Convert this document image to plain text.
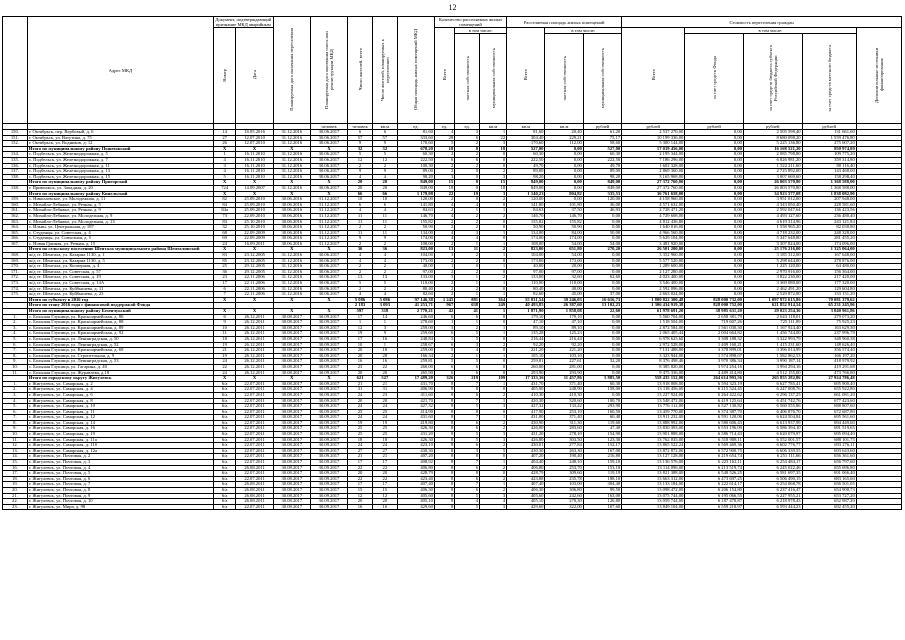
12
	Адрес МКД	Документ, подтверждающий признание МКД аварийным		Планируемая дата окончания переселения	Планируемая дата окончания сноса или реконструкции МКД	Число жителей, всего	Число жителей, планируемых к переселению	Общая площадь жилых помещений МКД	Количество расселяемых жилых помещений			Расселяемая площадь жилых помещений			Стоимость переселения граждан				
		Номер	Дата						Всего	в том числе:		Всего	в том числе:		Всего	в том числе:			Дополнительные источники финансирования
										частная собственность	муниципальная собственность		частная собственность	муниципальная собственность		за счет средств Фонда	за счет средств бюджета субъекта Российской Федерации	за счет средств местного бюджета	
					человек	человек	кв.м	ед.	ед.	ед.	кв.м	кв.м	кв.м	рублей	рублей	рублей	рублей	рублей	
150.	г. Октябрьск, пер. Вербовый, д. 6	14	18.05.2016	31.12.2016	30.06.2017	6	6	81,60	4	3	1	81,60	20,40	61,20	2 537 270,00	0,00	2 505 598,40	131 661,60	
151.	г. Октябрьск, ул. Ватутина, д. 75	27	12.07.2010	31.12.2016	30.06.2017	57	57	333,60	28	6	22	304,40	229,21	75,17	10 199 336,00	0,00	8 680 098,20	1 559 476,80	
152.	г. Октябрьск, ул. Водников, д. 12	26	12.07.2010	31.12.2016	30.06.2017	9	9	170,60	5	2	3	170,60	112,00	58,60	5 300 144,00	0,00	5 225 136,80	275 007,20	
	Итого по муниципальному району Пошехонский	X	X	X	X	32	32	678,20	18	0	18	527,00	0,00	527,00	17 019 456,00	0,00	16 168 521,20	850 974,80	
134.	с. Подбельск, ул. Железнодорожная, д. 5	1	16.11.2010	31.12.2016	30.06.2017	5	5	60,30	2	2	0	60,30	0,00	60,30	2 195 344,00	0,00	2 085 798,80	109 775,20	
135.	с. Подбельск, ул. Железнодорожная, д. 7	4	16.11.2010	31.12.2016	30.06.2017	12	12	222,50	6	6	0	222,50	0,00	222,50	7 186 296,00	0,00	6 826 981,20	359 314,80	
136.	с. Подбельск, ул. Железнодорожная, д. 11	3	16.11.2010	31.12.2016	30.06.2017	2	2	100,30	2	2	0	49,70	0,00	49,70	1 602 328,00	0,00	1 522 211,60	80 116,40	
137.	с. Подбельск, ул. Железнодорожная, д. 13	4	16.11.2010	31.12.2016	30.06.2017	9	9	89,00	2	0	2	89,00	0,00	89,00	2 869 360,00	0,00	2 725 892,00	143 468,00	
138.	с. Подбельск, ул. Железнодорожная, д. 15	5	16.11.2010	31.12.2016	30.06.2017	4	4	98,20	3	0	3	98,20	0,00	98,20	3 165 968,00	0,00	3 007 669,60	158 298,40	
	Итого по муниципальному району Пригорский	X	X	X	X	20	20	849,00	15	0	15	849,00	0,00	849,00	27 372 760,00	0,00	26 003 570,80	1 368 588,00	
138.	г. Приволжск, ул. Западная, д. 20	724	14.09.2007	31.12.2016	30.06.2017	20	20	849,00	18	0	18	849,00	0,00	849,00	27 372 760,00	0,00	26 003 570,80	1 368 588,00	
	Итого по муниципальному району Кинельский	X	X	X	X	66	66	1 179,08	22	19	3	1 140,23	804,82	335,53	36 761 658,00	0,00	34 923 577,08	1 838 082,90	
159.	с. Николаевское, ул. Молодежная, д. 11	82	25.09.2010	30.06.2016	31.12.2017	10	10	120,00	2	0	2	120,00	0,00	120,00	4 158 960,00	0,00	3 951 012,00	207 948,00	
160.	с. Михайло-Лебяжье, ул. Речная, д. 5	84	25.09.2010	30.06.2016	31.12.2017	6	6	141,80	4	4	0	141,80	101,80	36,00	4 571 632,00	0,00	4 343 050,40	228 581,60	
161.	с. Михайло-Лебяжье, ул. Речная, д. 9	84а	25.09.2010	30.06.2016	31.12.2017	4	4	84,63	2	1	1	84,63	37,50	46,93	2 728 471,20	0,00	2 592 047,64	136 423,56	
162.	с. Михайло-Лебяжье, ул. Молодежная, д. 9	73	22.09.2010	30.06.2016	31.12.2017	11	11	146,70	4	2	2	146,70	146,70	0,00	4 729 608,00	0,00	4 493 127,60	236 480,40	
163.	с. Михайло-Лебяжье, ул. Молодежная, д. 13	83	25.10.2010	30.06.2016	31.12.2017	11	11	155,82	2	2	0	155,82	155,82	0,00	4 812 436,80	0,00	4 619 314,96	243 121,84	
164.	с. Ильин, ул. Центральная, д. 187	32	25.10.2010	30.06.2016	31.12.2017	2	2	50,90	2	2	0	50,90	50,90	0,00	1 640 016,00	0,00	1 558 965,20	82 030,80	
165.	с. Студенцы, ул. Советская, д. 4	68	22.09.2009	30.06.2016	31.12.2017	11	11	134,00	4	3	1	134,00	84,00	50,00	4 966 560,00	0,00	4 718 232,00	248 328,00	
166.	с. Студенцы, ул. Совхозная, д. 5	69	22.09.2009	30.06.2016	31.12.2017	9	9	174,00	4	4	0	174,00	174,00	0,00	5 629 104,00	0,00	5 347 648,80	281 455,20	
167.	с. Новая Грязная, ул. Речная, д. 15	24	16.09.2011	30.06.2016	31.12.2017	2	2	108,00	2	1	1	108,00	54,00	54,00	3 481 920,00	0,00	3 307 824,00	174 096,00	
	Итого по сельскому поселению Шентала муниципального района Шенталинский	X	X	X	X	36	36	823,00	13	11	2	823,00	651,80	270,20	26 501 200,00	0,00	25 176 216,00	1 325 064,00	
168.	ж/д ст. Шентала, ул. Казарма 1130, д. 1	83	23.12.2005	31.12.2016	30.06.2017	4	4	104,00	3	2	1	104,00	54,00	0,00	3 352 960,00	0,00	3 185 312,00	167 648,00	
169.	ж/д ст. Шентала, ул. Казарма 1130, д. 5	85	23.12.2005	31.12.2016	30.06.2017	4	4	173,00	2	2	0	173,00	173,00	0,00	5 577 520,00	0,00	5 298 644,00	278 876,00	
170.	ж/д ст. Шентала, ул. Кооперная, д. 4	25	29.12.2005	31.12.2016	30.06.2017	2	2	40,00	1	0	1	40,00	20,00	0,00	1 289 600,00	0,00	1 225 120,00	64 480,00	
171.	ж/д ст. Шентала, ул. Советская, д. 57	36	29.12.2005	31.12.2016	30.06.2017	2	2	97,00	2	2	0	97,00	97,00	0,00	2 127 280,00	0,00	2 970 916,00	156 364,00	
172.	ж/д ст. Шентала, ул. Советская, д. 19	23	22.11.2006	31.12.2016	30.06.2017	13	13	133,00	3	1	2	133,00	32,60	62,60	4 023 400,00	0,00	3 822 230,00	217 420,00	
173.	ж/д ст. Шентала, ул. Советская, д. 14А	17	22.11.2006	31.12.2016	30.06.2017	5	5	110,00	2	1	1	110,00	110,00	0,00	3 546 400,00	0,00	3 369 080,00	177 320,00	
174.	ж/д ст. Шентала, ул. Куйбышева, д. 11	6	22.11.2006	31.12.2016	30.06.2017	2	2	80,40	2	2	0	80,40	40,00	0,00	2 592 096,00	0,00	2 462 491,20	129 604,80	
175.	ж/д ст. Шентала, ул. Куйбышева, д. 23	7	22.11.2006	31.12.2016	30.06.2017	4	4	82,60	2	1	1	82,60	45,00	37,00	2 663 024,00	0,00	2 529 872,80	133 151,20	
	Итого по субъекту в 2016 год	X	X	X	X	5 086	5 086	97 146,38	1 245	881	364	55 831,54	39 246,03	16 616,73	1 800 822 300,48	828 000 732,00	1 097 972 615,86	70 081 379,62	
	Итого по этапу 2016 года с финансовой поддержкой Фонда					2 183	3 093	41 253,71	967	638	249	40 493,85	26 387,60	13 102,23	1 306 434 919,38	828 000 752,00	621 852 914,54	65 231 245,96	
	Итого по муниципальному району Безенчукский	X	X	X	X	597	318	2 770,21	42	41	1	1 871,90	1 858,08	22,60	61 978 691,20	38 985 631,20	29 023 254,36	3 040 961,86	
1.	с. Большая Глушица, ул. Красноармейская, д. 86	6	26.12.2011	30.08.2017	30.09.2017	17	14	246,60	6	6	0	179,10	179,10	0,00	5 560 704,00	2 658 381,79	2 643 118,01	279 073,20	
2.	с. Большая Глушица, ул. Красноармейская, д. 88	9	26.12.2011	30.08.2017	30.09.2017	1	1	278,60	1	1	0	47,10	47,10	0,00	1 518 504,00	719 607,26	725 111,89	75 925,23	
3.	с. Большая Глушица, ул. Красноармейская, д. 89	10	26.12.2011	30.08.2017	30.09.2017	12	3	259,00	3	2	1	89,10	89,10	0,00	2 872 584,00	1 561 030,30	1 167 924,40	163 629,30	
4.	с. Большая Глушица, ул. Красноармейская, д. 92	11	26.12.2011	30.08.2017	30.09.2017	19	9	259,60	6	5	1	135,28	125,23	0,00	2 065 405,44	2 004 664,82	1 456 744,00	237 996,78	
5.	с. Большая Глушица, ул. Ленинградская, д. 50	18	26.12.2011	30.08.2017	30.09.2017	17	16	248,84	5	5	0	216,44	216,44	0,00	6 978 625,60	3 308 188,32	3 322 993,79	348 960,38	
6.	с. Большая Глушица, ул. Ленинградская, д. 52	19	26.12.2011	30.08.2017	30.09.2017	10	1	258,67	6	3	2	92,20	92,20	0,00	2 972 528,00	1 409 160,21	1 415 231,60	148 626,40	
7.	с. Большая Глушица, ул. Красноармейская, д. 69	21	26.12.2011	30.08.2017	30.09.2017	20	18	259,00	5	4	0	221,20	221,20	0,00	7 131 488,00	3 378 899,01	3 396 014,99	356 574,40	
8.	с. Большая Глушица, ул. Строительная, д. 9	19	26.12.2011	30.08.2017	30.09.2017	20	20	166,34	2	1	1	105,10	103,10	0,00	3 323 944,00	1 574 898,67	1 582 862,53	166 197,20	
9.	с. Большая Глушица, ул. Ленинградская, д. 53	24	26.12.2011	30.08.2017	30.09.2017	16	16	259,81	5	5	0	259,81	227,61	32,20	8 376 498,40	3 970 386,34	3 990 187,14	418 979,92	
10.	с. Большая Глушица, ул. Гагарина, д. 40	22	26.12.2011	30.08.2017	30.09.2017	23	22	260,00	6	6	0	260,00	281,00	0,00	8 385 820,00	3 974 254,16	3 994 294,16	419 291,68	
11.	с. Большая Глушица, ул. Журавлева, д.18	24	26.12.2011	30.08.2017	30.09.2017	20	20	265,90	6	6	0	293,90	293,90	0,00	9 475 336,00	4 489 414,80	4 512 155,00	473 766,80	
	Итого по городскому округу Жигулевск	X	X	X	X	621	527	17 489,20	326	219	109	17 333,36	11 457,86	5 885,50	558 435 152,00	264 614 993,56	265 855 282,86	27 924 786,48	
1.	г. Жигулевск, ул. Самарская, д. 2	6/а	22.07.2011	30.08.2017	30.09.2017	21	21	431,70	8	7	1	431,70	371,40	60,30	13 918 008,00	6 594 323,19	6 627 785,41	695 900,40	
2.	г. Жигулевск, ул. Самарская, д. 4	6/а	22.07.2011	30.08.2017	30.09.2017	31	31	406,90	8	8	0	405,90	248,90	158,00	13 118 456,00	6 215 524,45	6 247 008,76	655 922,80	
3.	г. Жигулевск, ул. Самарская, д. 6	6/а	22.07.2011	30.08.2017	30.09.2017	24	23	411,60	8	6	2	410,30	410,30	0,00	13 227 924,00	6 264 422,62	6 296 137,25	661 081,20	
4.	г. Жигулевск, ул. Самарская, д. 8	6/а	22.07.2011	30.08.2017	30.09.2017	20	20	421,70	8	7	1	420,30	320,60	100,70	13 548 472,00	6 419 125,64	6 451 742,76	677 423,60	
5.	г. Жигулевск, ул. Самарская, д. 10	6/а	22.07.2011	30.08.2017	30.09.2017	24	24	427,32	8	5	3	427,32	133,42	293,90	13 776 112,00	6 527 130,82	6 560 555,86	688 807,60	
6.	г. Жигулевск, ул. Самарская, д. 11	6/а	22.07.2011	30.08.2017	30.09.2017	25	25	414,90	8	8	0	417,90	253,10	160,50	13 459 770,00	6 374 387,70	6 406 876,70	672 687,80	
7.	г. Жигулевск, ул. Самарская, д. 12	6/а	22.07.2011	30.08.2017	30.09.2017	24	24	431,60	8	7	1	431,80	371,40	60,40	13 911 232,00	6 591 120,06	6 624 504,84	695 561,60	
8.	г. Жигулевск, ул. Самарская, д. 14	6/а	22.07.2011	30.08.2017	30.09.2017	19	19	419,80	8	6	2	430,90	311,30	119,60	13 888 992,00	6 580 606,43	6 613 937,99	694 449,60	
9.	г. Жигулевск, ул. Самарская, д. 16	6/а	22.07.2011	30.08.2017	30.09.2017	25	25	426,30	8	6	2	426,00	283,60	47,40	13 830 393,00	6 553 196,09	6 586 394,10	691 519,65	
10.	г. Жигулевск, ул. Самарская, д. 19	6/а	22.07.2011	30.08.2017	30.09.2017	25	25	431,20	8	5	3	431,20	278,10	154,90	13 901 888,00	6 586 714,43	6 620 079,97	695 094,40	
11.	г. Жигулевск, ул. Самарская, д. 11а	6/а	22.07.2011	30.08.2017	30.09.2017	18	18	426,30	8	5	3	426,80	303,50	123,30	13 762 035,00	6 518 908,11	6 552 001,57	688 101,75	
12.	г. Жигулевск, ул. Самарская, д. 11б	6/а	22.07.2011	30.08.2017	30.09.2017	24	24	423,10	8	6	2	430,01	277,84	152,17	13 865 522,24	6 569 469,36	6 602 776,77	693 276,11	
13.	г. Жигулевск, ул. Самарская, д. 12а	6/а	22.07.2011	30.08.2017	30.09.2017	27	27	430,30	8	3	5	430,30	263,30	167,00	13 872 872,00	6 572 900,75	6 606 339,55	693 643,60	
14.	г. Жигулевск, ул. Почтовая, д. 2	6/а	22.07.2011	30.08.2017	30.09.2017	21	21	407,20	8	8	0	407,20	190,40	216,80	13 127 128,00	6 219 654,74	6 251 111,66	656 361,60	
15.	г. Жигулевск, ул. Почтовая, д. 3	6/а	22.07.2011	30.08.2017	30.09.2017	17	17	408,92	8	7	1	404,40	248,10	159,10	13 136 576,00	6 223 162,11	6 254 484,17	656 797,60	
16.	г. Жигулевск, ул. Почтовая, д. 4	6/а	26.08.2011	30.08.2017	30.09.2017	22	22	406,80	8	6	2	406,80	253,70	153,10	13 114 096,00	6 213 519,74	6 245 022,46	655 696,80	
17.	г. Жигулевск, ул. Почтовая, д. 5	6/а	22.07.2011	30.08.2017	30.09.2017	20	20	428,79	8	8	0	428,79	309,60	119,19	13 821 388,00	6 548 526,25	6 581 697,35	691 066,40	
18.	г. Жигулевск, ул. Почтовая, д. 6	6/а	22.07.2011	30.08.2017	30.09.2017	22	22	423,40	8	6	2	423,88	235,78	188,10	13 663 312,00	6 473 697,25	6 506 490,15	683 165,60	
19.	г. Жигулевск, ул. Почтовая, д. 7	6/а	26.08.2011	30.08.2017	30.09.2017	17	17	407,40	8	7	1	407,40	103,00	304,40	13 133 184,00	6 222 614,17	6 254 068,78	656 501,05	
20.	г. Жигулевск, ул. Почтовая, д. 8	6/а	26.08.2011	30.08.2017	30.09.2017	15	15	406,30	8	6	2	406,30	306,80	99,50	13 098 472,00	6 206 154,80	6 237 416,47	654 900,73	
21.	г. Жигулевск, ул. Почтовая, д. 9	6/а	26.08.2011	30.08.2017	30.09.2017	12	12	405,60	8	5	3	405,60	242,60	163,00	13 075 744,00	6 195 066,55	6 227 955,21	653 727,20	
22.	г. Жигулевск, ул. Почтовая, д. 10	6/а	26.08.2011	30.08.2017	30.09.2017	20	20	405,10	8	4	4	405,10	278,30	126,80	13 059 744,00	6 187 478,87	6 218 978,43	652 987,20	
23.	г. Жигулевск, ул. Мира, д. 98	6/а	22.07.2011	30.08.2017	30.09.2017	16	16	429,60	8	5	3	429,60	322,00	107,60	13 849 104,00	6 559 218,97	6 593 444,23	692 455,20	
